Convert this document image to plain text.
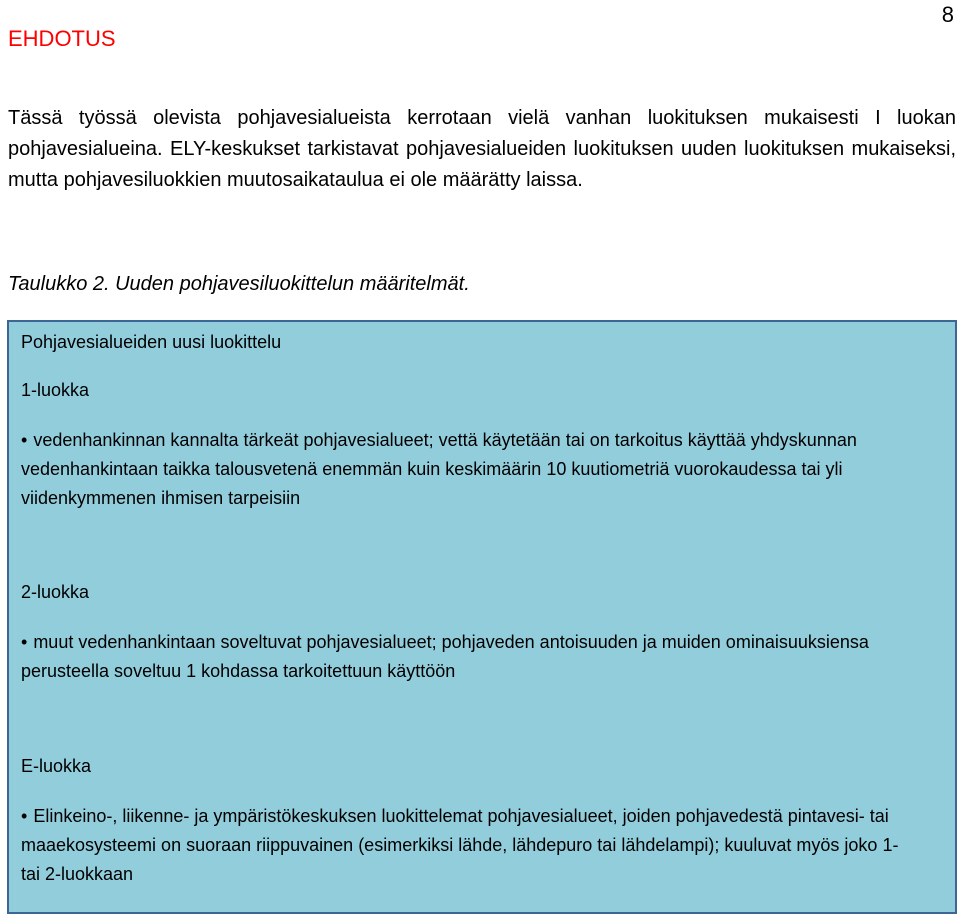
8
EHDOTUS

Tässä työssä olevista pohjavesialueista kerrotaan vielä vanhan luokituksen mukaisesti I luokan pohjavesialueina. ELY-keskukset tarkistavat pohjavesialueiden luokituksen uuden luokituksen mukaiseksi, mutta pohjavesiluokkien muutosaikataulua ei ole määrätty laissa.

Taulukko 2. Uuden pohjavesiluokittelun määritelmät.
Pohjavesialueiden uusi luokittelu
1-luokka
• vedenhankinnan kannalta tärkeät pohjavesialueet; vettä käytetään tai on tarkoitus käyttää yhdyskunnan vedenhankintaan taikka talousvetenä enemmän kuin keskimäärin 10 kuutiometriä vuorokaudessa tai yli viidenkymmenen ihmisen tarpeisiin
2-luokka
• muut vedenhankintaan soveltuvat pohjavesialueet; pohjaveden antoisuuden ja muiden ominaisuuksiensa perusteella soveltuu 1 kohdassa tarkoitettuun käyttöön
E-luokka
• Elinkeino-, liikenne- ja ympäristökeskuksen luokittelemat pohjavesialueet, joiden pohjavedestä pintavesi- tai maaekosysteemi on suoraan riippuvainen (esimerkiksi lähde, lähdepuro tai lähdelampi); kuuluvat myös joko 1- tai 2-luokkaan
